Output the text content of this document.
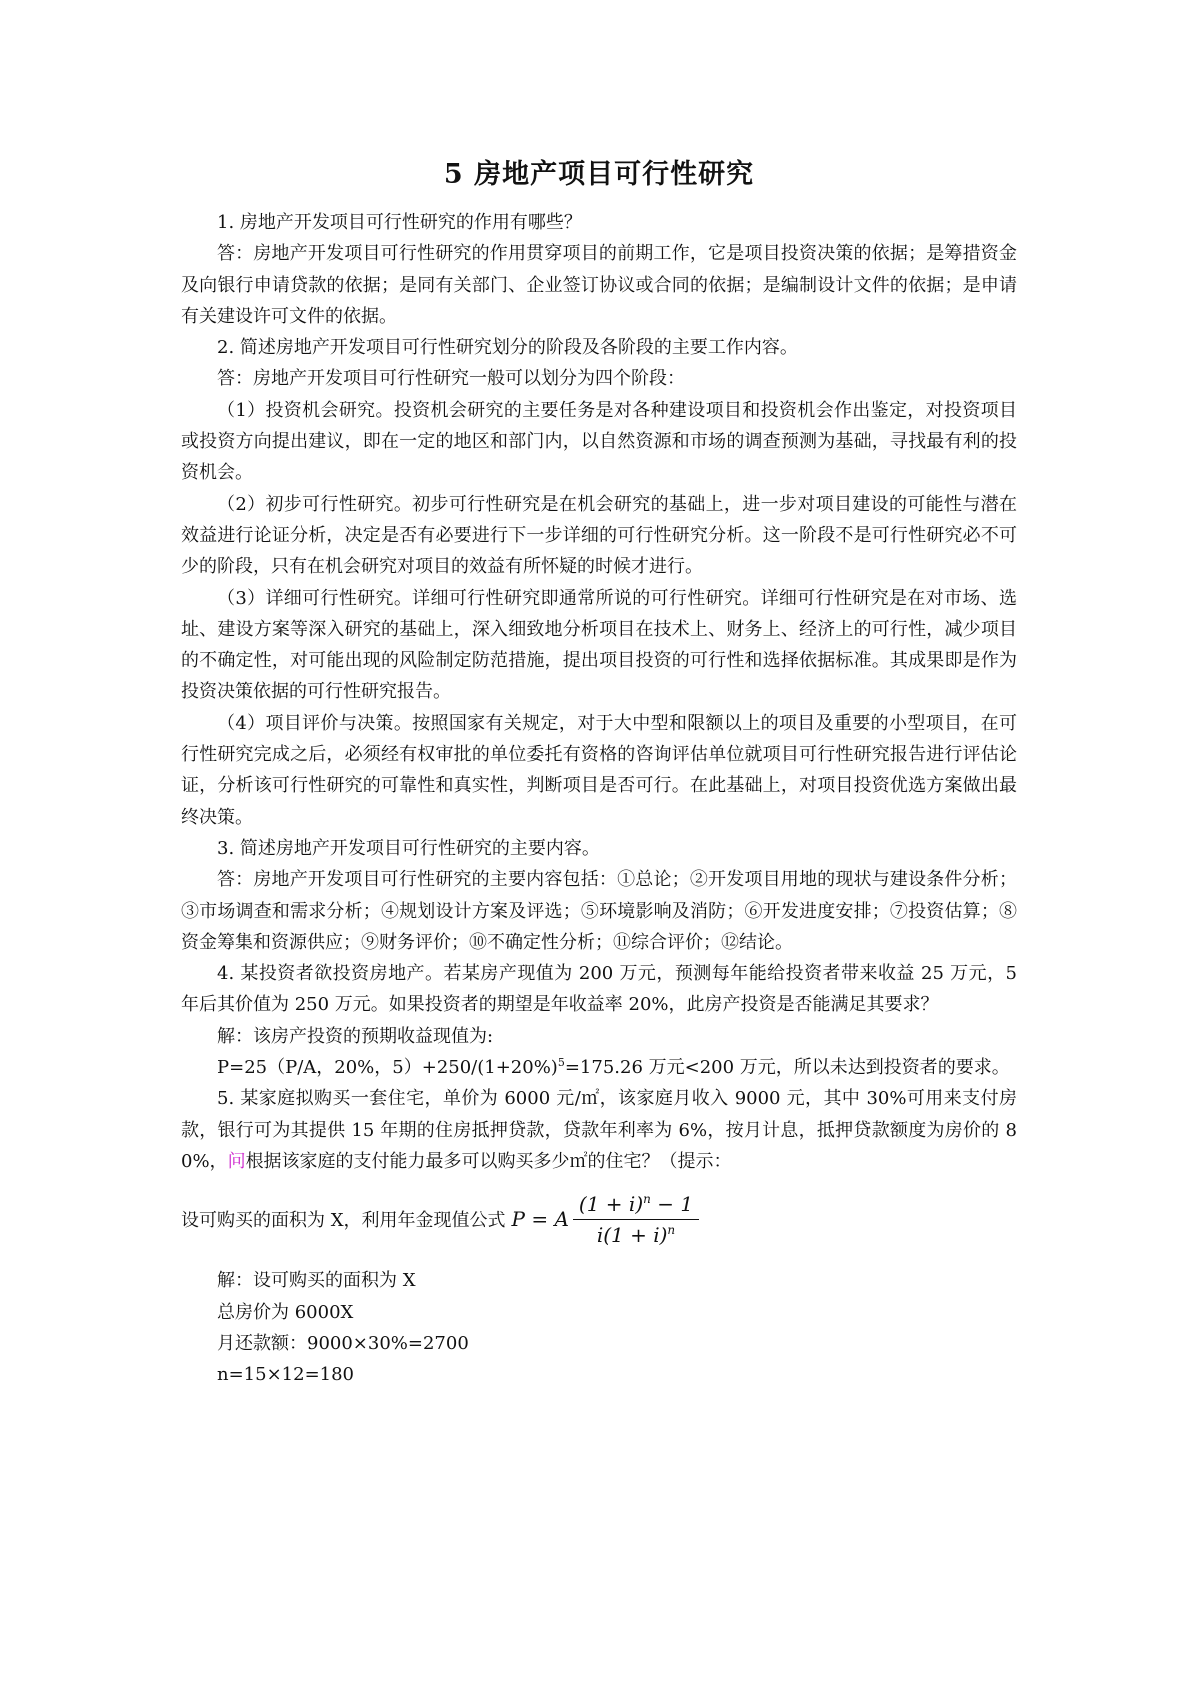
5 房地产项目可行性研究

1. 房地产开发项目可行性研究的作用有哪些？

答：房地产开发项目可行性研究的作用贯穿项目的前期工作，它是项目投资决策的依据；是筹措资金及向银行申请贷款的依据；是同有关部门、企业签订协议或合同的依据；是编制设计文件的依据；是申请有关建设许可文件的依据。

2. 简述房地产开发项目可行性研究划分的阶段及各阶段的主要工作内容。

答：房地产开发项目可行性研究一般可以划分为四个阶段：

（1）投资机会研究。投资机会研究的主要任务是对各种建设项目和投资机会作出鉴定，对投资项目或投资方向提出建议，即在一定的地区和部门内，以自然资源和市场的调查预测为基础，寻找最有利的投资机会。

（2）初步可行性研究。初步可行性研究是在机会研究的基础上，进一步对项目建设的可能性与潜在效益进行论证分析，决定是否有必要进行下一步详细的可行性研究分析。这一阶段不是可行性研究必不可少的阶段，只有在机会研究对项目的效益有所怀疑的时候才进行。

（3）详细可行性研究。详细可行性研究即通常所说的可行性研究。详细可行性研究是在对市场、选址、建设方案等深入研究的基础上，深入细致地分析项目在技术上、财务上、经济上的可行性，减少项目的不确定性，对可能出现的风险制定防范措施，提出项目投资的可行性和选择依据标准。其成果即是作为投资决策依据的可行性研究报告。

（4）项目评价与决策。按照国家有关规定，对于大中型和限额以上的项目及重要的小型项目，在可行性研究完成之后，必须经有权审批的单位委托有资格的咨询评估单位就项目可行性研究报告进行评估论证，分析该可行性研究的可靠性和真实性，判断项目是否可行。在此基础上，对项目投资优选方案做出最终决策。

3. 简述房地产开发项目可行性研究的主要内容。

答：房地产开发项目可行性研究的主要内容包括：①总论；②开发项目用地的现状与建设条件分析；③市场调查和需求分析；④规划设计方案及评选；⑤环境影响及消防；⑥开发进度安排；⑦投资估算；⑧资金筹集和资源供应；⑨财务评价；⑩不确定性分析；⑪综合评价；⑫结论。

4. 某投资者欲投资房地产。若某房产现值为 200 万元，预测每年能给投资者带来收益 25 万元，5 年后其价值为 250 万元。如果投资者的期望是年收益率 20%，此房产投资是否能满足其要求？

解：该房产投资的预期收益现值为:

P=25（P/A，20%，$5)+250/(1+20\%)^5=175.26$ 万元<200 万元，所以未达到投资者的要求。

5. 某家庭拟购买一套住宅，单价为 6000 元/㎡，该家庭月收入 9000 元，其中 30%可用来支付房款，银行可为其提供 15 年期的住房抵押贷款，贷款年利率为 6%，按月计息，抵押贷款额度为房价的 80%，问根据该家庭的支付能力最多可以购买多少㎡的住宅？（提示：

设可购买的面积为 X，利用年金现值公式 P = A $\frac{(1 + i)^n - 1}{i(1 + i)^n}$

解：设可购买的面积为 X

总房价为 6000X

月还款额：9000×30%=2700

n=15×12=180
